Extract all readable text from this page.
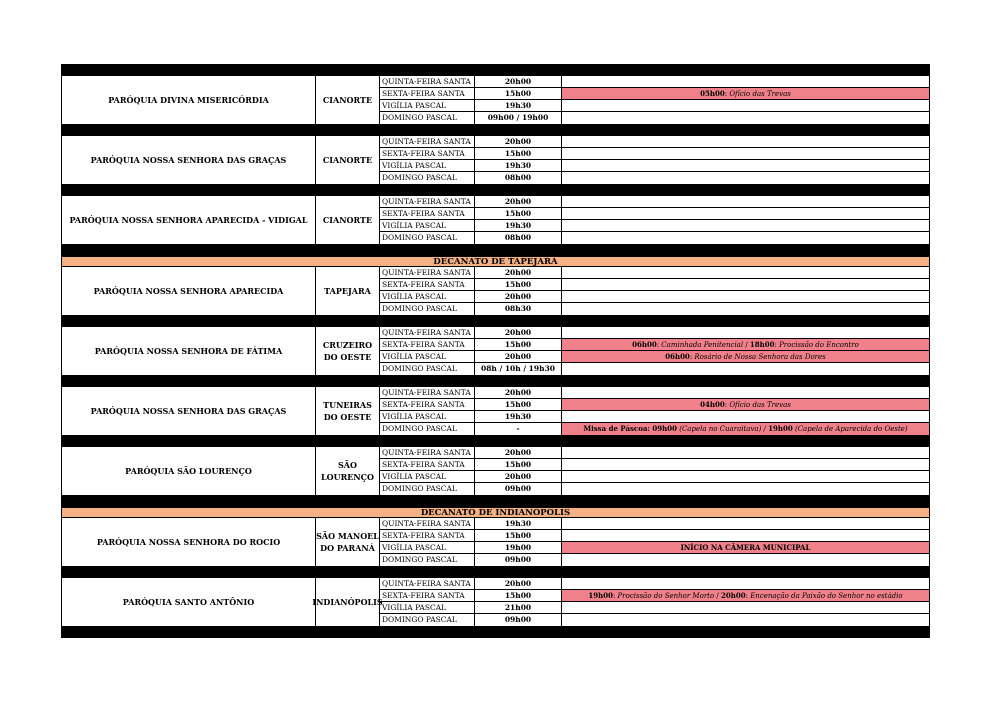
PARÓQUIA DIVINA MISERICÓRDIA	CIANORTE
QUINTA-FEIRA SANTA	20h00
SEXTA-FEIRA SANTA	15h00	05h00: Ofício das Trevas
VIGÍLIA PASCAL	19h30
DOMINGO PASCAL	09h00 / 19h00
PARÓQUIA NOSSA SENHORA DAS GRAÇAS	CIANORTE
QUINTA-FEIRA SANTA	20h00
SEXTA-FEIRA SANTA	15h00
VIGÍLIA PASCAL	19h30
DOMINGO PASCAL	08h00
PARÓQUIA NOSSA SENHORA APARECIDA - VIDIGAL	CIANORTE
QUINTA-FEIRA SANTA	20h00
SEXTA-FEIRA SANTA	15h00
VIGÍLIA PASCAL	19h30
DOMINGO PASCAL	08h00
DECANATO DE TAPEJARA
PARÓQUIA NOSSA SENHORA APARECIDA	TAPEJARA
QUINTA-FEIRA SANTA	20h00
SEXTA-FEIRA SANTA	15h00
VIGÍLIA PASCAL	20h00
DOMINGO PASCAL	08h30
PARÓQUIA NOSSA SENHORA DE FÁTIMA
CRUZEIRO DO OESTE
QUINTA-FEIRA SANTA	20h00
SEXTA-FEIRA SANTA	15h00	06h00: Caminhada Penitencial / 18h00: Procissão do Encontro
VIGÍLIA PASCAL	20h00	06h00: Rosário de Nossa Senhora das Dores
DOMINGO PASCAL	08h / 10h / 19h30
PARÓQUIA NOSSA SENHORA DAS GRAÇAS
TUNEIRAS DO OESTE
QUINTA-FEIRA SANTA	20h00
SEXTA-FEIRA SANTA	15h00	04h00: Ofício das Trevas
VIGÍLIA PASCAL	19h30
DOMINGO PASCAL	-	Missa de Páscoa: 09h00 (Capela no Cuaraitava) / 19h00 (Capela de Aparecida do Oeste)
PARÓQUIA SÃO LOURENÇO
SÃO LOURENÇO
QUINTA-FEIRA SANTA	20h00
SEXTA-FEIRA SANTA	15h00
VIGÍLIA PASCAL	20h00
DOMINGO PASCAL	09h00
DECANATO DE INDIANÓPOLIS
PARÓQUIA NOSSA SENHORA DO ROCIO
SÃO MANOEL DO PARANÁ
QUINTA-FEIRA SANTA	19h30
SEXTA-FEIRA SANTA	15h00
VIGÍLIA PASCAL	19h00	INÍCIO NA CÂMERA MUNICIPAL
DOMINGO PASCAL	09h00
PARÓQUIA SANTO ANTÔNIO	INDIANÓPOLIS
QUINTA-FEIRA SANTA	20h00
SEXTA-FEIRA SANTA	15h00	19h00: Procissão do Senhor Morto / 20h00: Encenação da Paixão do Senhor no estádio
VIGÍLIA PASCAL	21h00
DOMINGO PASCAL	09h00
